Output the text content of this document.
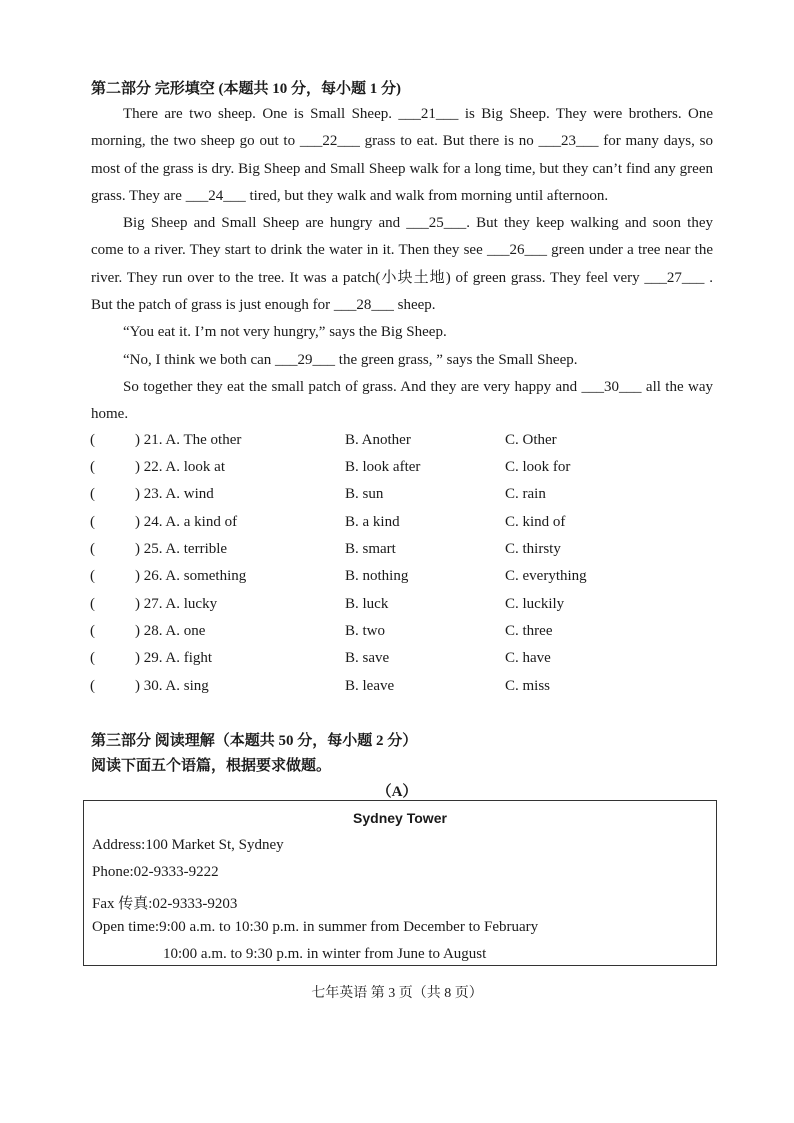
第二部分 完形填空 (本题共 10 分，每小题 1 分)

There are two sheep. One is Small Sheep. ___21___ is Big Sheep. They were brothers. One morning, the two sheep go out to ___22___ grass to eat. But there is no ___23___ for many days, so most of the grass is dry. Big Sheep and Small Sheep walk for a long time, but they can’t find any green grass. They are ___24___ tired, but they walk and walk from morning until afternoon.

Big Sheep and Small Sheep are hungry and ___25___. But they keep walking and soon they come to a river. They start to drink the water in it. Then they see ___26___ green under a tree near the river. They run over to the tree. It was a patch(小块土地) of green grass. They feel very ___27___ . But the patch of grass is just enough for ___28___ sheep.

“You eat it. I’m not very hungry,” says the Big Sheep.

“No, I think we both can ___29___ the green grass, ” says the Small Sheep.

So together they eat the small patch of grass. And they are very happy and ___30___ all the way home.

(	) 21. A. The other	B. Another	C. Other
(	) 22. A. look at	B. look after	C. look for
(	) 23. A. wind	B. sun	C. rain
(	) 24. A. a kind of	B. a kind	C. kind of
(	) 25. A. terrible	B. smart	C. thirsty
(	) 26. A. something	B. nothing	C. everything
(	) 27. A. lucky	B. luck	C. luckily
(	) 28. A. one	B. two	C. three
(	) 29. A. fight	B. save	C. have
(	) 30. A. sing	B. leave	C. miss
第三部分 阅读理解（本题共 50 分，每小题 2 分）
阅读下面五个语篇，根据要求做题。
（A）
Sydney Tower
Address:100 Market St, Sydney
Phone:02-9333-9222
Fax 传真:02-9333-9203
Open time:9:00 a.m. to 10:30 p.m. in summer from December to February
10:00 a.m. to 9:30 p.m. in winter from June to August
七年英语 第 3 页（共 8 页）
